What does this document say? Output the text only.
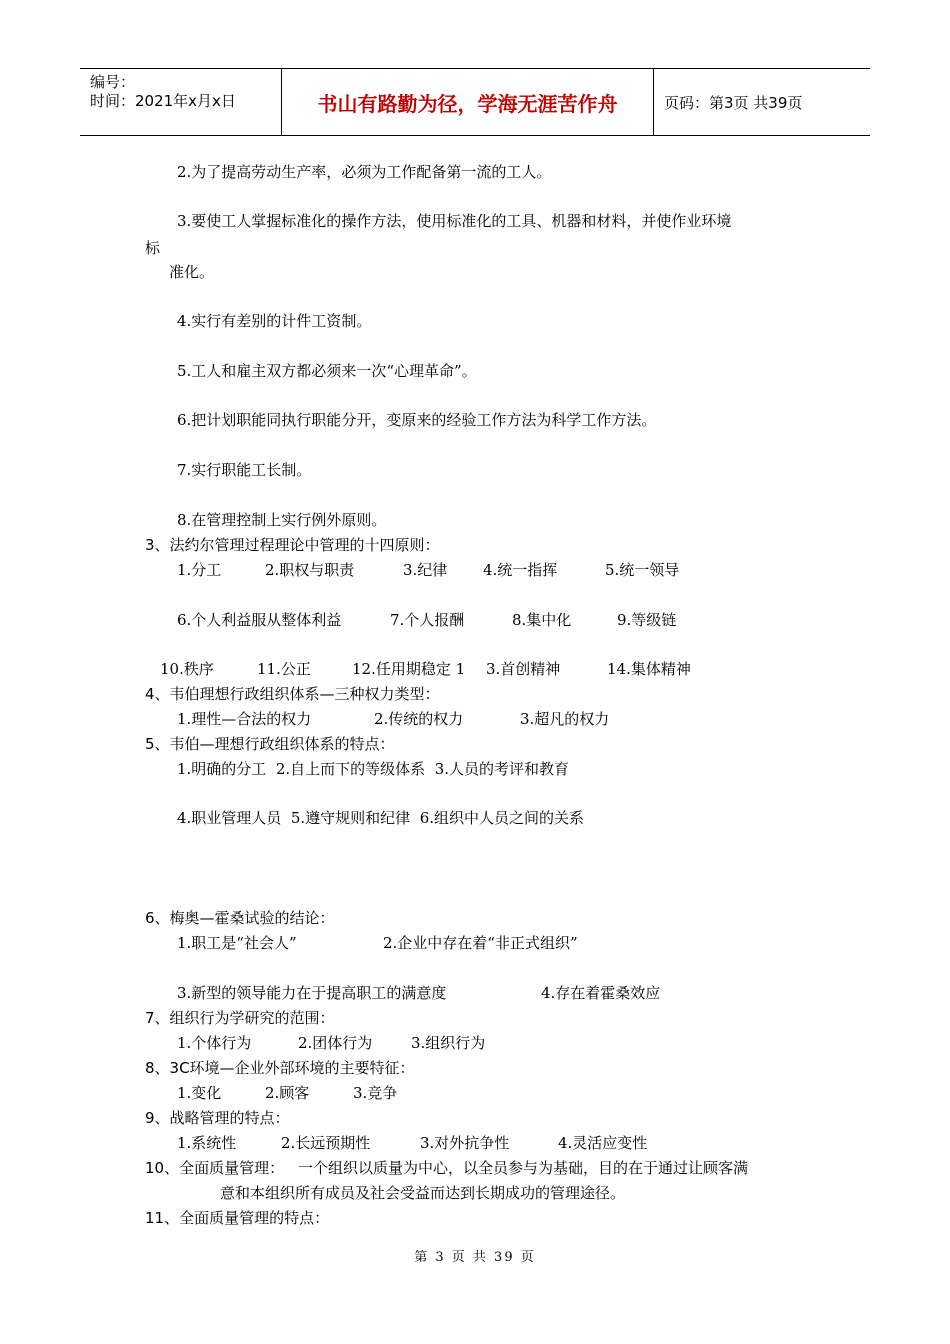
编号：
时间：2021年x月x日	书山有路勤为径，学海无涯苦作舟	页码：第3页 共39页
2.为了提高劳动生产率，必须为工作配备第一流的工人。
3.要使工人掌握标准化的操作方法，使用标准化的工具、机器和材料，并使作业环境
标
准化。
4.实行有差别的计件工资制。
5.工人和雇主双方都必须来一次“心理革命”。
6.把计划职能同执行职能分开，变原来的经验工作方法为科学工作方法。
7.实行职能工长制。
8.在管理控制上实行例外原则。
3、法约尔管理过程理论中管理的十四原则：

1.分工

	2.职权与职责

	3.纪律

4.统一指挥

	5.统一领导

6.个人利益服从整体利益

	7.个人报酬

	8.集中化

	9.等级链

10.秩序

	11.公正

	12.任用期稳定 1

3.首创精神

	14.集体精神

4、韦伯理想行政组织体系—三种权力类型：

1.理性—合法的权力

	2.传统的权力

	3.超凡的权力

5、韦伯—理想行政组织体系的特点：
1.明确的分工  2.自上而下的等级体系  3.人员的考评和教育
4.职业管理人员  5.遵守规则和纪律  6.组织中人员之间的关系
6、梅奥—霍桑试验的结论：

1.职工是“社会人”

	2.企业中存在着“非正式组织”

3.新型的领导能力在于提高职工的满意度

	4.存在着霍桑效应

7、组织行为学研究的范围：

1.个体行为

	2.团体行为

	3.组织行为

8、3C环境—企业外部环境的主要特征：

1.变化

	2.顾客

	3.竞争

9、战略管理的特点：

1.系统性

	2.长远预期性

	3.对外抗争性

	4.灵活应变性

10、全面质量管理：

一个组织以质量为中心，以全员参与为基础，目的在于通过让顾客满

意和本组织所有成员及社会受益而达到长期成功的管理途径。
11、全面质量管理的特点：
第 3 页 共 39 页
